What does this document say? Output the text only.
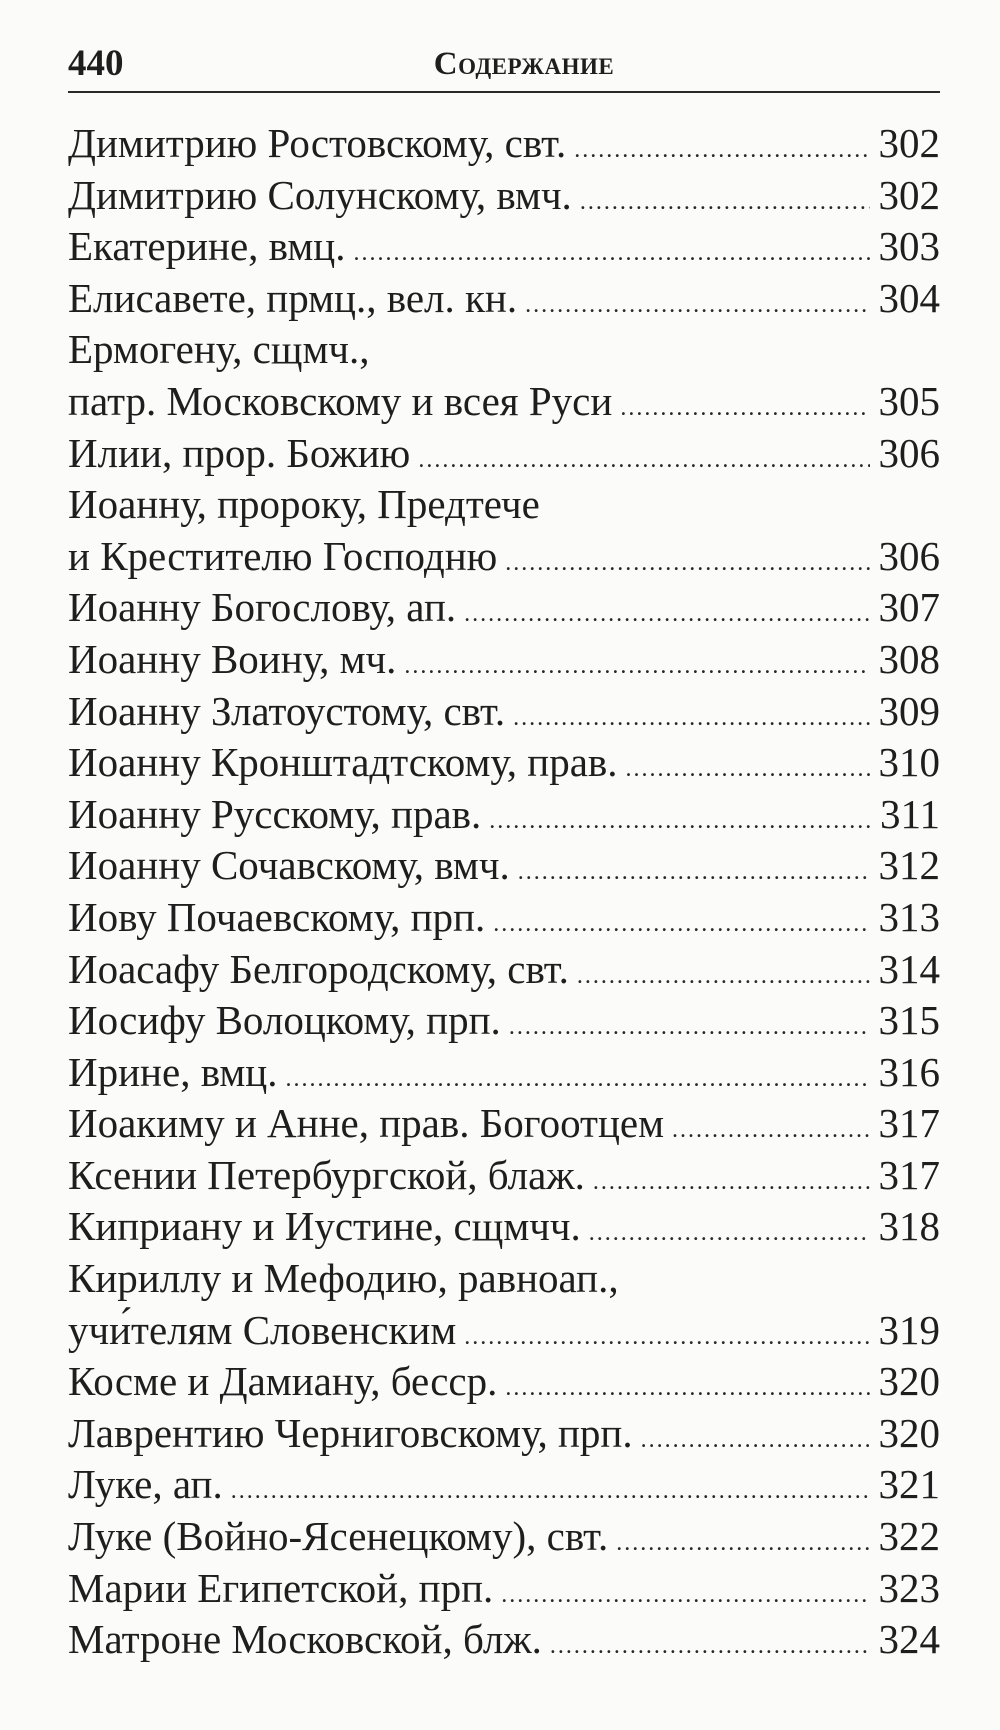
440	Содержание
Димитрию Ростовскому, свт. .....	302
Димитрию Солунскому, вмч. .....	302
Екатерине, вмц. .....	303
Елисавете, прмц., вел. кн. .....	304
Ермогену, сщмч.,
патр. Московскому и всея Руси .....	305
Илии, прор. Божию .....	306
Иоанну, пророку, Предтече
и Крестителю Господню .....	306
Иоанну Богослову, ап. .....	307
Иоанну Воину, мч. .....	308
Иоанну Златоустому, свт. .....	309
Иоанну Кронштадтскому, прав. .....	310
Иоанну Русскому, прав. .....	311
Иоанну Сочавскому, вмч. .....	312
Иову Почаевскому, прп. .....	313
Иоасафу Белгородскому, свт. .....	314
Иосифу Волоцкому, прп. .....	315
Ирине, вмц. .....	316
Иоакиму и Анне, прав. Богоотцем .....	317
Ксении Петербургской, блаж. .....	317
Киприану и Иустине, сщмчч. .....	318
Кириллу и Мефодию, равноап.,
учи́телям Словенским .....	319
Косме и Дамиану, бесср. .....	320
Лаврентию Черниговскому, прп. .....	320
Луке, ап. .....	321
Луке (Войно-Ясенецкому), свт. .....	322
Марии Египетской, прп. .....	323
Матроне Московской, блж. .....	324
